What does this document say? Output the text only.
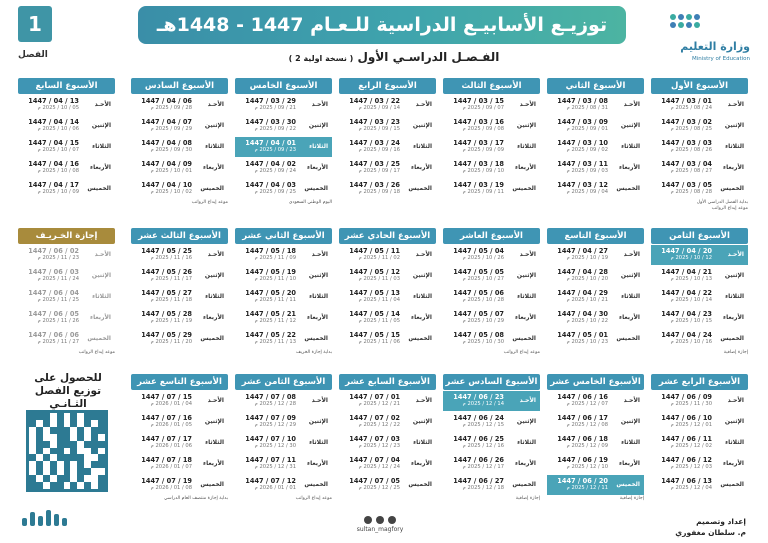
1
الفصل
توزيـع الأسابيـع الدراسية للـعـام 1447 - 1448هـ
الفـصـل الدراسـي الأول ( نسخة اولية 2 )
وزارة التعليم
Ministry of Education
الأسبوع الأول
الأحـد
01 / 03 / 1447
24 / 08 / 2025 م
الإثنين
02 / 03 / 1447
25 / 08 / 2025 م
الثلاثاء
03 / 03 / 1447
26 / 08 / 2025 م
الأربعاء
04 / 03 / 1447
27 / 08 / 2025 م
الخميس
05 / 03 / 1447
28 / 08 / 2025 م
بداية الفصل الدراسي الأول
موعد إيداع الرواتب
الأسبوع الثاني
الأحـد
08 / 03 / 1447
31 / 08 / 2025 م
الإثنين
09 / 03 / 1447
01 / 09 / 2025 م
الثلاثاء
10 / 03 / 1447
02 / 09 / 2025 م
الأربعاء
11 / 03 / 1447
03 / 09 / 2025 م
الخميس
12 / 03 / 1447
04 / 09 / 2025 م
الأسبوع الثالث
الأحـد
15 / 03 / 1447
07 / 09 / 2025 م
الإثنين
16 / 03 / 1447
08 / 09 / 2025 م
الثلاثاء
17 / 03 / 1447
09 / 09 / 2025 م
الأربعاء
18 / 03 / 1447
10 / 09 / 2025 م
الخميس
19 / 03 / 1447
11 / 09 / 2025 م
الأسبوع الرابع
الأحـد
22 / 03 / 1447
14 / 09 / 2025 م
الإثنين
23 / 03 / 1447
15 / 09 / 2025 م
الثلاثاء
24 / 03 / 1447
16 / 09 / 2025 م
الأربعاء
25 / 03 / 1447
17 / 09 / 2025 م
الخميس
26 / 03 / 1447
18 / 09 / 2025 م
الأسبوع الخامس
الأحـد
29 / 03 / 1447
21 / 09 / 2025 م
الإثنين
30 / 03 / 1447
22 / 09 / 2025 م
الثلاثاء
01 / 04 / 1447
23 / 09 / 2025 م
الأربعاء
02 / 04 / 1447
24 / 09 / 2025 م
الخميس
03 / 04 / 1447
25 / 09 / 2025 م
اليوم الوطني السعودي
الأسبوع السادس
الأحـد
06 / 04 / 1447
28 / 09 / 2025 م
الإثنين
07 / 04 / 1447
29 / 09 / 2025 م
الثلاثاء
08 / 04 / 1447
30 / 09 / 2025 م
الأربعاء
09 / 04 / 1447
01 / 10 / 2025 م
الخميس
10 / 04 / 1447
02 / 10 / 2025 م
موعد إيداع الرواتب
الأسبوع السابع
الأحـد
13 / 04 / 1447
05 / 10 / 2025 م
الإثنين
14 / 04 / 1447
06 / 10 / 2025 م
الثلاثاء
15 / 04 / 1447
07 / 10 / 2025 م
الأربعاء
16 / 04 / 1447
08 / 10 / 2025 م
الخميس
17 / 04 / 1447
09 / 10 / 2025 م
الأسبوع الثامن
الأحـد
20 / 04 / 1447
12 / 10 / 2025 م
الإثنين
21 / 04 / 1447
13 / 10 / 2025 م
الثلاثاء
22 / 04 / 1447
14 / 10 / 2025 م
الأربعاء
23 / 04 / 1447
15 / 10 / 2025 م
الخميس
24 / 04 / 1447
16 / 10 / 2025 م
إجازة إضافية
الأسبوع التاسع
الأحـد
27 / 04 / 1447
19 / 10 / 2025 م
الإثنين
28 / 04 / 1447
20 / 10 / 2025 م
الثلاثاء
29 / 04 / 1447
21 / 10 / 2025 م
الأربعاء
30 / 04 / 1447
22 / 10 / 2025 م
الخميس
01 / 05 / 1447
23 / 10 / 2025 م
الأسبوع العاشر
الأحـد
04 / 05 / 1447
26 / 10 / 2025 م
الإثنين
05 / 05 / 1447
27 / 10 / 2025 م
الثلاثاء
06 / 05 / 1447
28 / 10 / 2025 م
الأربعاء
07 / 05 / 1447
29 / 10 / 2025 م
الخميس
08 / 05 / 1447
30 / 10 / 2025 م
موعد إيداع الرواتب
الأسبوع الحادي عشر
الأحـد
11 / 05 / 1447
02 / 11 / 2025 م
الإثنين
12 / 05 / 1447
03 / 11 / 2025 م
الثلاثاء
13 / 05 / 1447
04 / 11 / 2025 م
الأربعاء
14 / 05 / 1447
05 / 11 / 2025 م
الخميس
15 / 05 / 1447
06 / 11 / 2025 م
الأسبوع الثاني عشر
الأحـد
18 / 05 / 1447
09 / 11 / 2025 م
الإثنين
19 / 05 / 1447
10 / 11 / 2025 م
الثلاثاء
20 / 05 / 1447
11 / 11 / 2025 م
الأربعاء
21 / 05 / 1447
12 / 11 / 2025 م
الخميس
22 / 05 / 1447
13 / 11 / 2025 م
بداية إجازة الخريف
الأسبوع الثالث عشر
الأحـد
25 / 05 / 1447
16 / 11 / 2025 م
الإثنين
26 / 05 / 1447
17 / 11 / 2025 م
الثلاثاء
27 / 05 / 1447
18 / 11 / 2025 م
الأربعاء
28 / 05 / 1447
19 / 11 / 2025 م
الخميس
29 / 05 / 1447
20 / 11 / 2025 م
إجازة الخـريـف
الأحـد
02 / 06 / 1447
23 / 11 / 2025 م
الإثنين
03 / 06 / 1447
24 / 11 / 2025 م
الثلاثاء
04 / 06 / 1447
25 / 11 / 2025 م
الأربعاء
05 / 06 / 1447
26 / 11 / 2025 م
الخميس
06 / 06 / 1447
27 / 11 / 2025 م
موعد إيداع الرواتب
الأسبوع الرابع عشر
الأحـد
09 / 06 / 1447
30 / 11 / 2025 م
الإثنين
10 / 06 / 1447
01 / 12 / 2025 م
الثلاثاء
11 / 06 / 1447
02 / 12 / 2025 م
الأربعاء
12 / 06 / 1447
03 / 12 / 2025 م
الخميس
13 / 06 / 1447
04 / 12 / 2025 م
الأسبوع الخامس عشر
الأحـد
16 / 06 / 1447
07 / 12 / 2025 م
الإثنين
17 / 06 / 1447
08 / 12 / 2025 م
الثلاثاء
18 / 06 / 1447
09 / 12 / 2025 م
الأربعاء
19 / 06 / 1447
10 / 12 / 2025 م
الخميس
20 / 06 / 1447
11 / 12 / 2025 م
إجازة إضافية
الأسبوع السادس عشر
الأحـد
23 / 06 / 1447
14 / 12 / 2025 م
الإثنين
24 / 06 / 1447
15 / 12 / 2025 م
الثلاثاء
25 / 06 / 1447
16 / 12 / 2025 م
الأربعاء
26 / 06 / 1447
17 / 12 / 2025 م
الخميس
27 / 06 / 1447
18 / 12 / 2025 م
إجازة إضافية
الأسبوع السابع عشر
الأحـد
01 / 07 / 1447
21 / 12 / 2025 م
الإثنين
02 / 07 / 1447
22 / 12 / 2025 م
الثلاثاء
03 / 07 / 1447
23 / 12 / 2025 م
الأربعاء
04 / 07 / 1447
24 / 12 / 2025 م
الخميس
05 / 07 / 1447
25 / 12 / 2025 م
الأسبوع الثامن عشر
الأحـد
08 / 07 / 1447
28 / 12 / 2025 م
الإثنين
09 / 07 / 1447
29 / 12 / 2025 م
الثلاثاء
10 / 07 / 1447
30 / 12 / 2025 م
الأربعاء
11 / 07 / 1447
31 / 12 / 2025 م
الخميس
12 / 07 / 1447
01 / 01 / 2026 م
موعد إيداع الرواتب
الأسبوع التاسع عشر
الأحـد
15 / 07 / 1447
04 / 01 / 2026 م
الإثنين
16 / 07 / 1447
05 / 01 / 2026 م
الثلاثاء
17 / 07 / 1447
06 / 01 / 2026 م
الأربعاء
18 / 07 / 1447
07 / 01 / 2026 م
الخميس
19 / 07 / 1447
08 / 01 / 2026 م
بداية إجازة منتصف العام الدراسي
للحصول على توزيع الفصل الثـانـي

sultan_magfory
إعداد وتصميم
م. سلطان مغفوري
